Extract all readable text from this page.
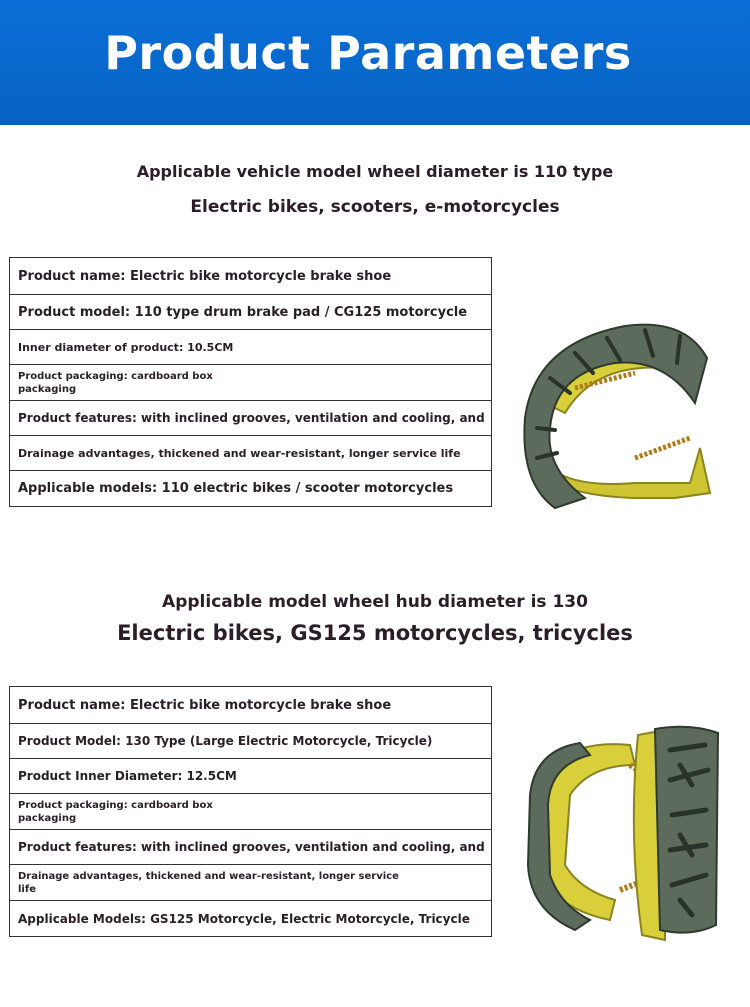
Product Parameters
Applicable vehicle model wheel diameter is 110 type
Electric bikes, scooters, e-motorcycles
Product name: Electric bike motorcycle brake shoe
Product model: 110 type drum brake pad / CG125 motorcycle
Inner diameter of product: 10.5CM
Product packaging: cardboard box packaging
Product features: with inclined grooves, ventilation and cooling, and
Drainage advantages, thickened and wear-resistant, longer service life
Applicable models: 110 electric bikes / scooter motorcycles
Applicable model wheel hub diameter is 130
Electric bikes, GS125 motorcycles, tricycles
Product name: Electric bike motorcycle brake shoe
Product Model: 130 Type (Large Electric Motorcycle, Tricycle)
Product Inner Diameter: 12.5CM
Product packaging: cardboard box packaging
Product features: with inclined grooves, ventilation and cooling, and
Drainage advantages, thickened and wear-resistant, longer service life
Applicable Models: GS125 Motorcycle, Electric Motorcycle, Tricycle
